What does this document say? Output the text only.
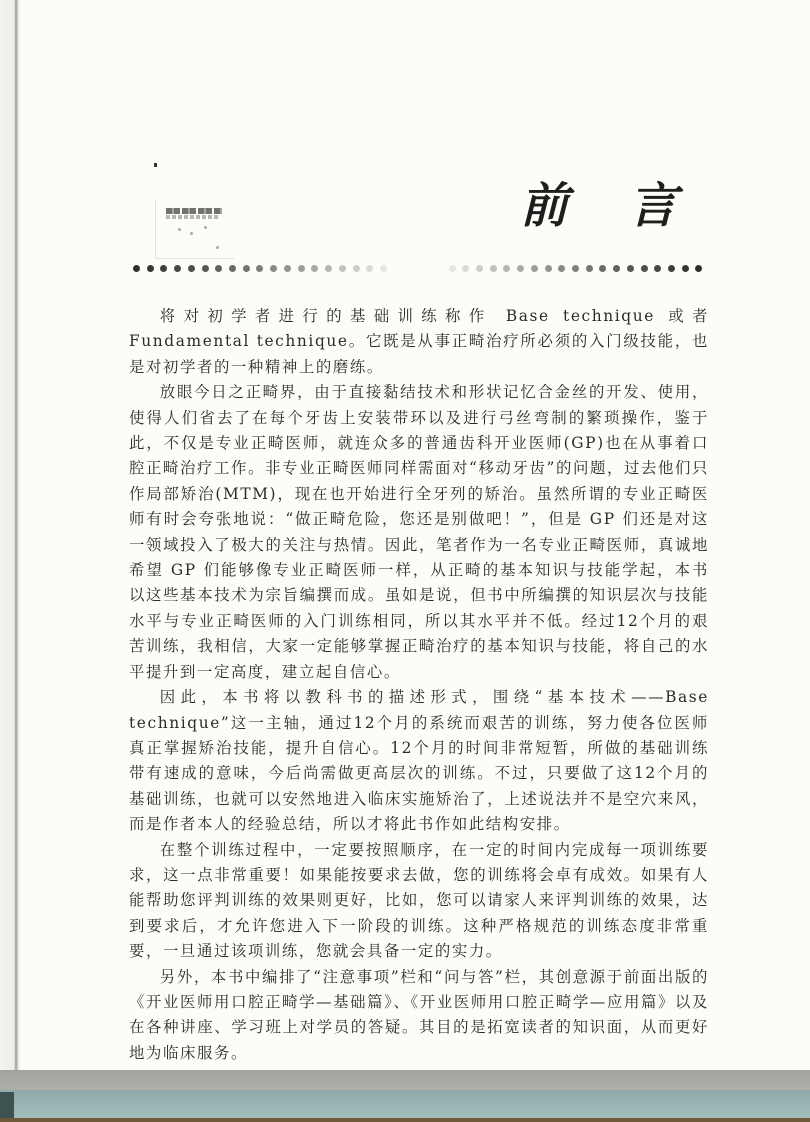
前 言

将对初学者进行的基础训练称作 Base technique 或者 Fundamental technique。它既是从事正畸治疗所必须的入门级技能，也是对初学者的一种精神上的磨练。

放眼今日之正畸界，由于直接黏结技术和形状记忆合金丝的开发、使用，使得人们省去了在每个牙齿上安装带环以及进行弓丝弯制的繁琐操作，鉴于此，不仅是专业正畸医师，就连众多的普通齿科开业医师(GP)也在从事着口腔正畸治疗工作。非专业正畸医师同样需面对“移动牙齿”的问题，过去他们只作局部矫治(MTM)，现在也开始进行全牙列的矫治。虽然所谓的专业正畸医师有时会夸张地说：“做正畸危险，您还是别做吧！”，但是 GP 们还是对这一领域投入了极大的关注与热情。因此，笔者作为一名专业正畸医师，真诚地希望 GP 们能够像专业正畸医师一样，从正畸的基本知识与技能学起，本书以这些基本技术为宗旨编撰而成。虽如是说，但书中所编撰的知识层次与技能水平与专业正畸医师的入门训练相同，所以其水平并不低。经过12个月的艰苦训练，我相信，大家一定能够掌握正畸治疗的基本知识与技能，将自己的水平提升到一定高度，建立起自信心。

因此，本书将以教科书的描述形式，围绕“基本技术——Base technique”这一主轴，通过12个月的系统而艰苦的训练，努力使各位医师真正掌握矫治技能，提升自信心。12个月的时间非常短暂，所做的基础训练带有速成的意味，今后尚需做更高层次的训练。不过，只要做了这12个月的基础训练，也就可以安然地进入临床实施矫治了，上述说法并不是空穴来风，而是作者本人的经验总结，所以才将此书作如此结构安排。

在整个训练过程中，一定要按照顺序，在一定的时间内完成每一项训练要求，这一点非常重要！如果能按要求去做，您的训练将会卓有成效。如果有人能帮助您评判训练的效果则更好，比如，您可以请家人来评判训练的效果，达到要求后，才允许您进入下一阶段的训练。这种严格规范的训练态度非常重要，一旦通过该项训练，您就会具备一定的实力。

另外，本书中编排了“注意事项”栏和“问与答”栏，其创意源于前面出版的《开业医师用口腔正畸学—基础篇》、《开业医师用口腔正畸学—应用篇》以及在各种讲座、学习班上对学员的答疑。其目的是拓宽读者的知识面，从而更好地为临床服务。
